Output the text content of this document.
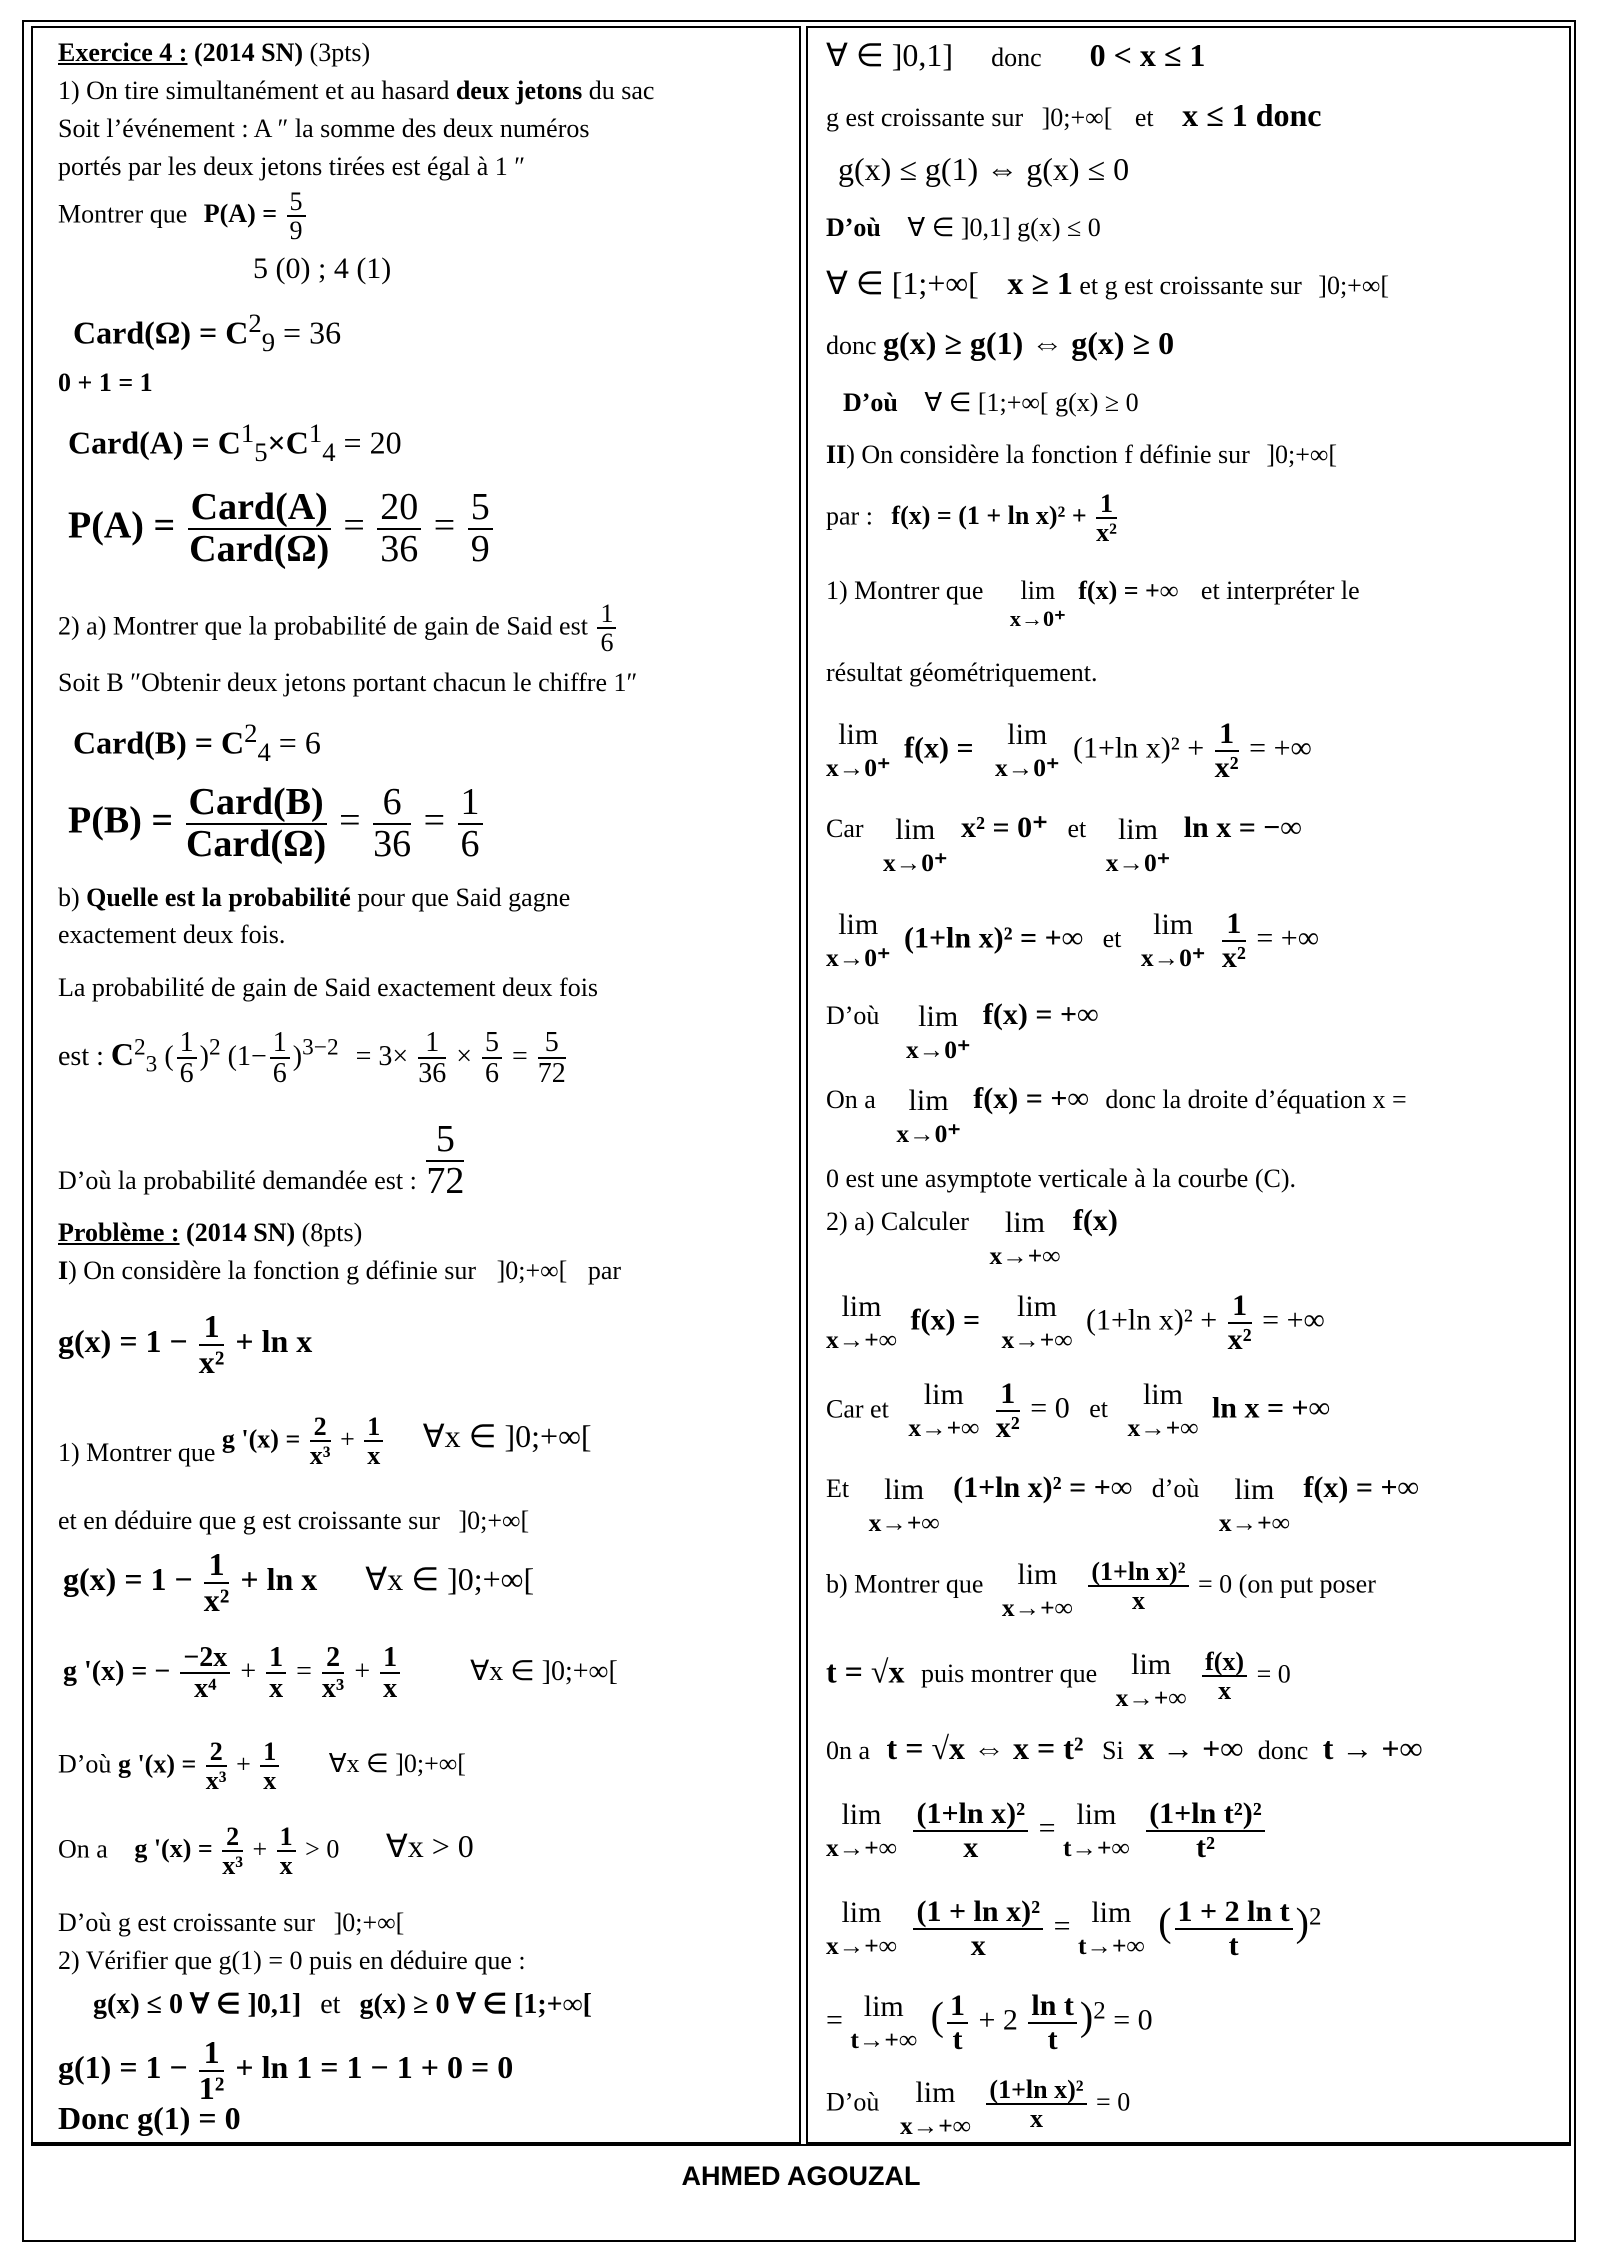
Exercice 4 : (2014 SN) (3pts)
1) On tire simultanément et au hasard deux jetons du sac
Soit l’événement : A ″ la somme des deux numéros
portés par les deux jetons tirées est égal à 1 ″
Montrer que $P(A) = \frac{5}{9}$
5 (0) ; 4 (1)
Card(Ω) = $C^2_9 = 36$
0 + 1 = 1
Card(A) = $C^1_5\times C^1_4 = 20$
$P(A) = \frac{\text{Card(A)}}{\text{Card(Ω)}} = \frac{20}{36} = \frac{5}{9}$
2) a) Montrer que la probabilité de gain de Said est $\frac{1}{6}$
Soit B ″Obtenir deux jetons portant chacun le chiffre 1″
Card(B) = $C^2_4 = 6$
$P(B) = \frac{\text{Card(B)}}{\text{Card(Ω)}} = \frac{6}{36} = \frac{1}{6}$
b) Quelle est la probabilité pour que Said gagne
exactement deux fois.
La probabilité de gain de Said exactement deux fois
est : $C^2_3$ ( $\frac{1}{6} )^2$ $(1- \frac{1}{6} )^{3-2} = 3\times \frac{1}{36} \times \frac{5}{6} = \frac{5}{72}$
D’où la probabilité demandée est : $\frac{5}{72}$
Problème : (2014 SN) (8pts)
I) On considère la fonction g définie sur ]0;+∞[ par
$g(x) = 1 - \frac{1}{\text{x²}} + \ln x$
1) Montrer que g '$(x) = \frac{2}{\text{x³}} + \frac{1}{x}$ ∀x ∈ ]0;+∞[
et en déduire que g est croissante sur ]0;+∞[
$g(x) = 1 - \frac{1}{\text{x²}} + \ln x$ ∀x ∈ ]0;+∞[
g '(x) = − $\frac{-2x}{\text{x⁴}} + \frac{1}{x} = \frac{2}{\text{x³}} + \frac{1}{x}$	∀x ∈ ]0;+∞[
D’où g '$(x) = \frac{2}{\text{x³}} + \frac{1}{x}$ ∀x ∈ ]0;+∞[
On a g '$(x) = \frac{2}{\text{x³}} + \frac{1}{x} > 0$ ∀x > 0
D’où g est croissante sur ]0;+∞[
2) Vérifier que g(1) = 0 puis en déduire que :
g(x) ≤ 0 ∀ ∈ ]0,1] et g(x) ≥ 0 ∀ ∈ [1;+∞[
$g(1) = 1 - \frac{1}{\text{1²}} + \ln 1 = 1 - 1 + 0 = 0$
Donc g(1) = 0
∀ ∈ ]0,1] donc 0 < x ≤ 1
g est croissante sur ]0;+∞[ et x ≤ 1 donc
g(x) ≤ g(1) ⇔ g(x) ≤ 0
D’où ∀ ∈ ]0,1] g(x) ≤ 0
∀ ∈ [1;+∞[ x ≥ 1 et g est croissante sur ]0;+∞[
donc g(x) ≥ g(1) ⇔ g(x) ≥ 0
D’où ∀ ∈ [1;+∞[ g(x) ≥ 0
II) On considère la fonction f définie sur ]0;+∞[
par : $f(x) = (1 + \ln x)^2 + \frac{1}{\text{x²}}$
1) Montrer que	lim
x→0⁺
f(x) = +∞ et interpréter le
résultat géométriquement.
lim
x→0⁺
f(x) =	lim
x→0⁺
(1+ln $x)^2 + \frac{1}{\text{x²}}$ = +∞
Car	lim
x→0⁺
x² = 0⁺ et	lim
x→0⁺
ln x = −∞
lim
x→0⁺
(1+ln x)² = +∞ et	lim
x→0⁺
$\frac{1}{\text{x²}}$ = +∞
D’où	lim
x→0⁺
f(x) = +∞
On a	lim
x→0⁺
f(x) = +∞ donc la droite d’équation x =
0 est une asymptote verticale à la courbe (C).
2) a) Calculer	lim
x→+∞
f(x)
lim
x→+∞
f(x) =	lim
x→+∞
(1+ln $x)^2 + \frac{1}{\text{x²}}$ = +∞
Car et	lim
x→+∞
$\frac{1}{\text{x²}} = 0$ et	lim
x→+∞
ln x = +∞
Et	lim
x→+∞
(1+ln x)² = +∞ d’où	lim
x→+∞
f(x) = +∞
b) Montrer que	lim
x→+∞
$\frac{\text{(1+ln x)²}}{x} = 0$ (on put poser
t = √x puis montrer que	lim
x→+∞
$\frac{f(x)}{x} = 0$
0n a t = √x ⇔ x = t² Si x → +∞ donc t → +∞
lim
x→+∞
$\frac{\text{(1+ln x)²}}{x} = \lim$
t→+∞
$\frac{\text{(1+ln t²)²}}{\text{t²}}$
lim
x→+∞
$\frac{\text{(1 + ln x)²}}{x} = \lim$
t→+∞
( $\frac{\text{1 + 2 ln t}}{t} )^2$
= lim
t→+∞
( $\frac{1}{t} + 2 \frac{\text{ln t}}{t} )^2 = 0$
D’où	lim
x→+∞
$\frac{\text{(1+ln x)²}}{x} = 0$
AHMED AGOUZAL
